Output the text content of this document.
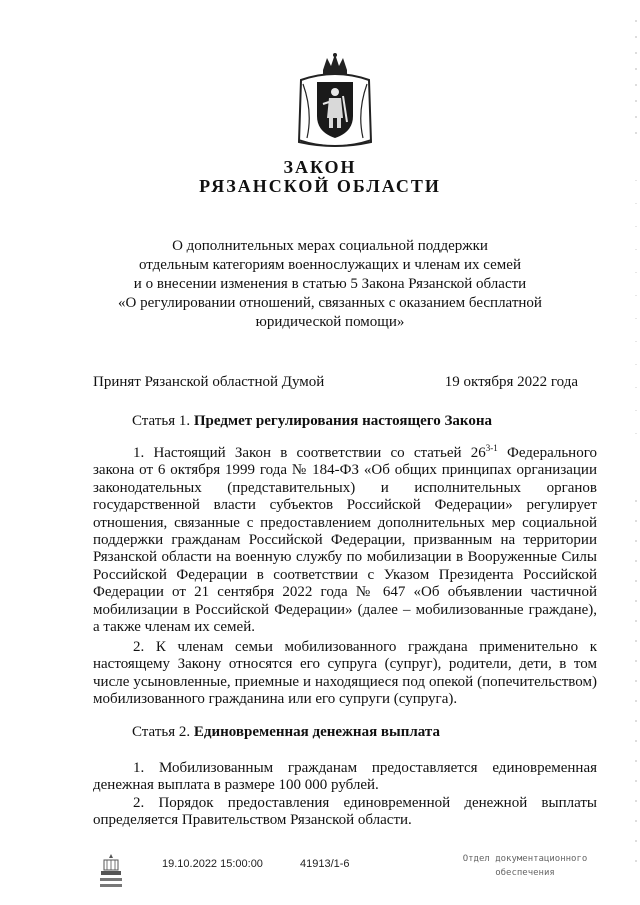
ЗАКОН
РЯЗАНСКОЙ ОБЛАСТИ
О дополнительных мерах социальной поддержки
отдельным категориям военнослужащих и членам их семей
и о внесении изменения в статью 5 Закона Рязанской области
«О регулировании отношений, связанных с оказанием бесплатной
юридической помощи»
Принят Рязанской областной Думой	19 октября 2022 года
Статья 1. Предмет регулирования настоящего Закона
1. Настоящий Закон в соответствии со статьей 26$^{3-1}$ Федерального
закона от 6 октября 1999 года № 184-ФЗ «Об общих принципах организации законодательных (представительных) и исполнительных органов государственной власти субъектов Российской Федерации» регулирует отношения, связанные с предоставлением дополнительных мер социальной поддержки гражданам Российской Федерации, призванным на территории Рязанской области на военную службу по мобилизации в Вооруженные Силы Российской Федерации в соответствии с Указом Президента Российской Федерации от 21 сентября 2022 года № 647 «Об объявлении частичной мобилизации в Российской Федерации» (далее – мобилизованные граждане), а также членам их семей.
2. К членам семьи мобилизованного граждана применительно к настоящему Закону относятся его супруга (супруг), родители, дети, в том числе усыновленные, приемные и находящиеся под опекой (попечительством) мобилизованного гражданина или его супруги (супруга).
Статья 2. Единовременная денежная выплата
1. Мобилизованным гражданам предоставляется единовременная денежная выплата в размере 100 000 рублей.
2. Порядок предоставления единовременной денежной выплаты определяется Правительством Рязанской области.
19.10.2022 15:00:00	41913/1-6	Отдел документационного
обеспечения
